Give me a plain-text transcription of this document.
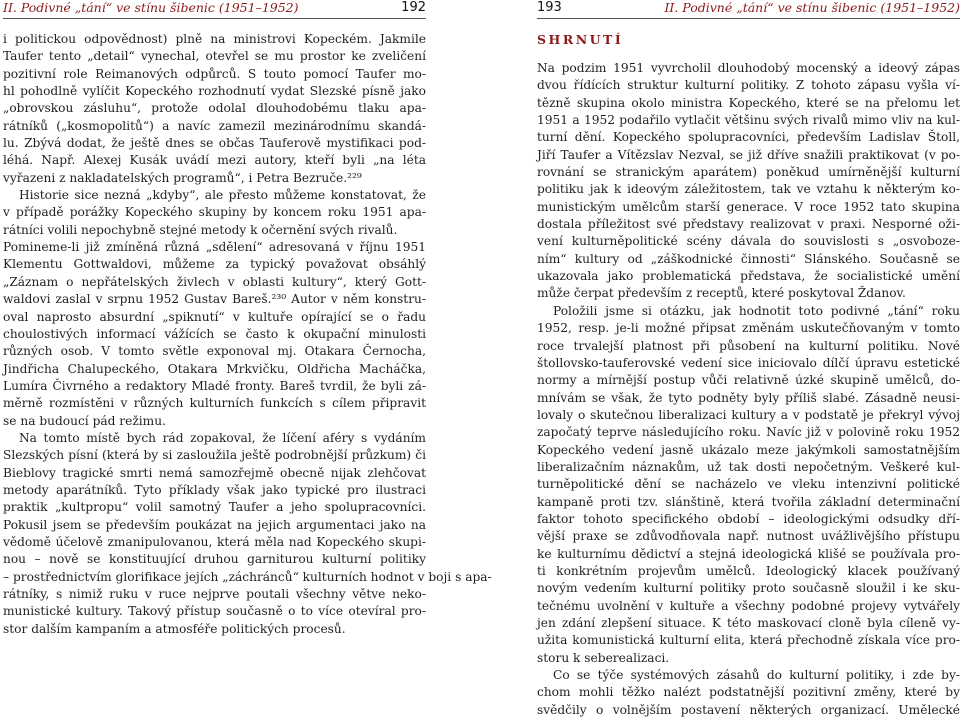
II. Podivné „tání“ ve stínu šibenic (1951–1952)	192
i politickou odpovědnost) plně na ministrovi Kopeckém. Jakmile
Taufer tento „detail“ vynechal, otevřel se mu prostor ke zveličení
pozitivní role Reimanových odpůrců. S touto pomocí Taufer mo-
hl pohodlně vylíčit Kopeckého rozhodnutí vydat Slezské písně jako
„obrovskou zásluhu“, protože odolal dlouhodobému tlaku apa-
rátníků („kosmopolitů“) a navíc zamezil mezinárodnímu skandá-
lu. Zbývá dodat, že ještě dnes se občas Tauferově mystifikaci pod-
léhá. Např. Alexej Kusák uvádí mezi autory, kteří byli „na léta
vyřazeni z nakladatelských programů“, i Petra Bezruče.²²⁹
Historie sice nezná „kdyby“, ale přesto můžeme konstatovat, že
v případě porážky Kopeckého skupiny by koncem roku 1951 apa-
rátníci volili nepochybně stejné metody k očernění svých rivalů.
Pomineme-li již zmíněná různá „sdělení“ adresovaná v říjnu 1951
Klementu Gottwaldovi, můžeme za typický považovat obsáhlý
„Záznam o nepřátelských živlech v oblasti kultury“, který Gott-
waldovi zaslal v srpnu 1952 Gustav Bareš.²³⁰ Autor v něm konstru-
oval naprosto absurdní „spiknutí“ v kultuře opírající se o řadu
choulostivých informací vážících se často k okupační minulosti
různých osob. V tomto světle exponoval mj. Otakara Černocha,
Jindřicha Chalupeckého, Otakara Mrkvičku, Oldřicha Macháčka,
Lumíra Čivrného a redaktory Mladé fronty. Bareš tvrdil, že byli zá-
měrně rozmístěni v různých kulturních funkcích s cílem připravit
se na budoucí pád režimu.
Na tomto místě bych rád zopakoval, že líčení aféry s vydáním
Slezských písní (která by si zasloužila ještě podrobnější průzkum) či
Bieblovy tragické smrti nemá samozřejmě obecně nijak zlehčovat
metody aparátníků. Tyto příklady však jako typické pro ilustraci
praktik „kultpropu“ volil samotný Taufer a jeho spolupracovníci.
Pokusil jsem se především poukázat na jejich argumentaci jako na
vědomě účelově zmanipulovanou, která měla nad Kopeckého skupi-
nou – nově se konstituující druhou garniturou kulturní politiky
– prostřednictvím glorifikace jejích „záchránců“ kulturních hodnot v boji s apa-
rátníky, s nimiž ruku v ruce nejprve poutali všechny větve neko-
munistické kultury. Takový přístup současně o to více otevíral pro-
stor dalším kampaním a atmosféře politických procesů.
193	II. Podivné „tání“ ve stínu šibenic (1951–1952)
SHRNUTÍ
Na podzim 1951 vyvrcholil dlouhodobý mocenský a ideový zápas
dvou řídících struktur kulturní politiky. Z tohoto zápasu vyšla ví-
tězně skupina okolo ministra Kopeckého, které se na přelomu let
1951 a 1952 podařilo vytlačit většinu svých rivalů mimo vliv na kul-
turní dění. Kopeckého spolupracovníci, především Ladislav Štoll,
Jiří Taufer a Vítězslav Nezval, se již dříve snažili praktikovat (v po-
rovnání se stranickým aparátem) poněkud umírněnější kulturní
politiku jak k ideovým záležitostem, tak ve vztahu k některým ko-
munistickým umělcům starší generace. V roce 1952 tato skupina
dostala příležitost své představy realizovat v praxi. Nesporné oži-
vení kulturněpolitické scény dávala do souvislosti s „osvoboze-
ním“ kultury od „záškodnické činnosti“ Slánského. Současně se
ukazovala jako problematická představa, že socialistické umění
může čerpat především z receptů, které poskytoval Ždanov.
Položili jsme si otázku, jak hodnotit toto podivné „tání“ roku
1952, resp. je-li možné připsat změnám uskutečňovaným v tomto
roce trvalejší platnost při působení na kulturní politiku. Nové
štollovsko-tauferovské vedení sice iniciovalo dílčí úpravu estetické
normy a mírnější postup vůči relativně úzké skupině umělců, do-
mnívám se však, že tyto podněty byly příliš slabé. Zásadně neusi-
lovaly o skutečnou liberalizaci kultury a v podstatě je překryl vývoj
započatý teprve následujícího roku. Navíc již v polovině roku 1952
Kopeckého vedení jasně ukázalo meze jakýmkoli samostatnějším
liberalizačním náznakům, už tak dosti nepočetným. Veškeré kul-
turněpolitické dění se nacházelo ve vleku intenzivní politické
kampaně proti tzv. slánštině, která tvořila základní determinační
faktor tohoto specifického období – ideologickými odsudky dří-
vější praxe se zdůvodňovala např. nutnost uvážlivějšího přístupu
ke kulturnímu dědictví a stejná ideologická klišé se používala pro-
ti konkrétním projevům umělců. Ideologický klacek používaný
novým vedením kulturní politiky proto současně sloužil i ke sku-
tečnému uvolnění v kultuře a všechny podobné projevy vytvářely
jen zdání zlepšení situace. K této maskovací cloně byla cíleně vy-
užita komunistická kulturní elita, která přechodně získala více pro-
storu k seberealizaci.
Co se týče systémových zásahů do kulturní politiky, i zde by-
chom mohli těžko nalézt podstatnější pozitivní změny, které by
svědčily o volnějším postavení některých organizací. Umělecké
